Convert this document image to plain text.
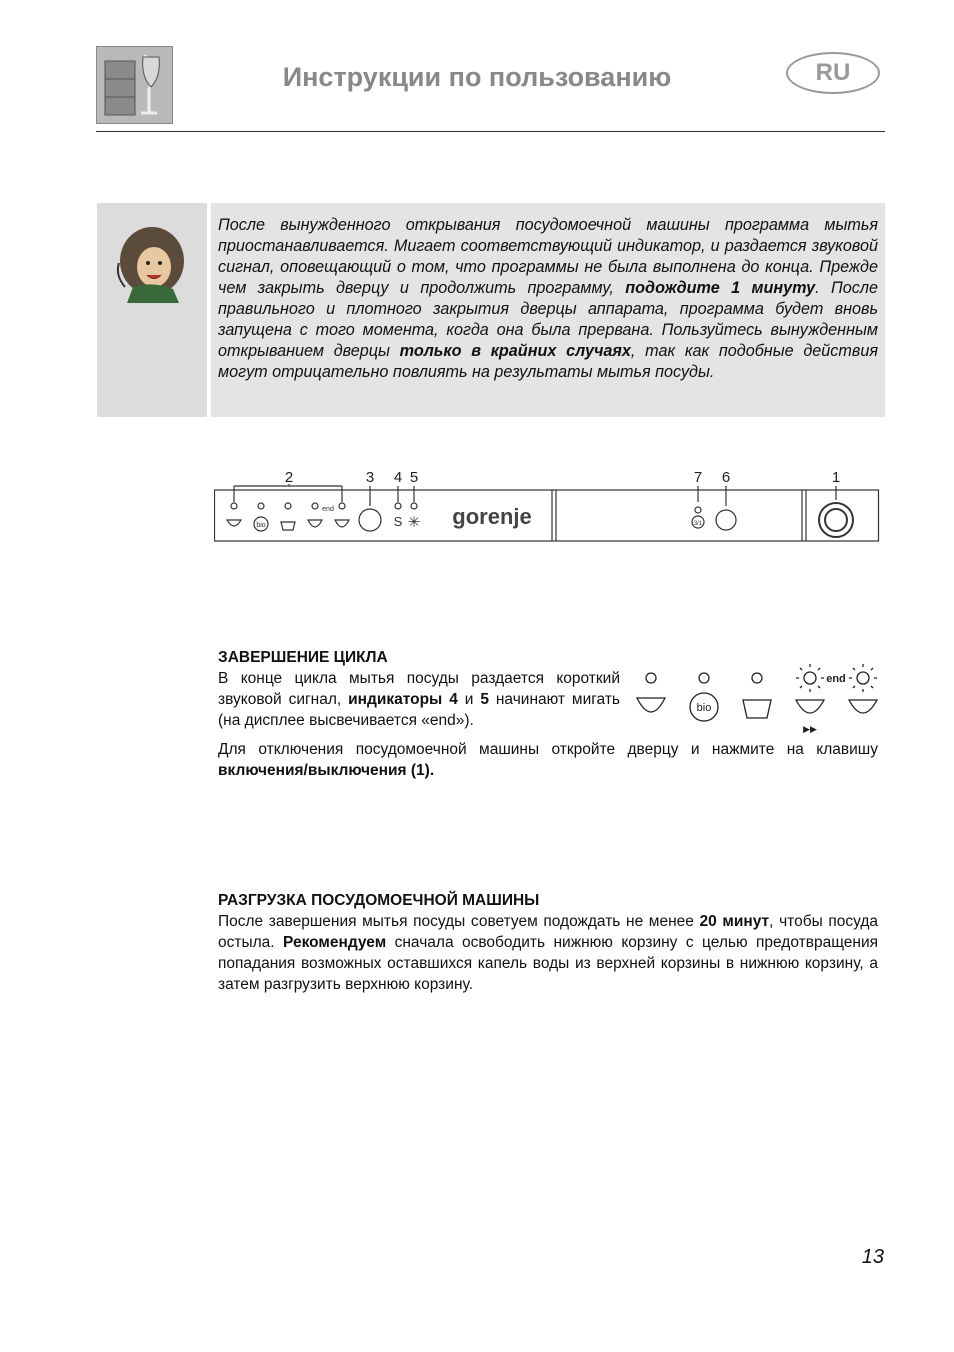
Инструкции по пользованию	RU
После вынужденного открывания посудомоечной машины программа мытья приостанавливается. Мигает соответствующий индикатор, и раздается звуковой сигнал, оповещающий о том, что программы не была выполнена до конца. Прежде чем закрыть дверцу и продолжить программу, подождите 1 минуту. После правильного и плотного закрытия дверцы аппарата, программа будет вновь запущена с того момента, когда она была прервана. Пользуйтесь вынужденным открыванием дверцы только в крайних случаях, так как подобные действия могут отрицательно повлиять на результаты мытья посуды.
2	3 4 5	7 6	1
bio
end
3/1
S ✳ gorenje
ЗАВЕРШЕНИЕ ЦИКЛА
В конце цикла мытья посуды раздается короткий звуковой сигнал, индикаторы 4 и 5 начинают мигать (на дисплее высвечивается «end»).
Для отключения посудомоечной машины откройте дверцу и нажмите на клавишу включения/выключения (1).
bio
end
▶▶
РАЗГРУЗКА ПОСУДОМОЕЧНОЙ МАШИНЫ
После завершения мытья посуды советуем подождать не менее 20 минут, чтобы посуда остыла. Рекомендуем сначала освободить нижнюю корзину с целью предотвращения попадания возможных оставшихся капель воды из верхней корзины в нижнюю корзину, а затем разгрузить верхнюю корзину.
13
